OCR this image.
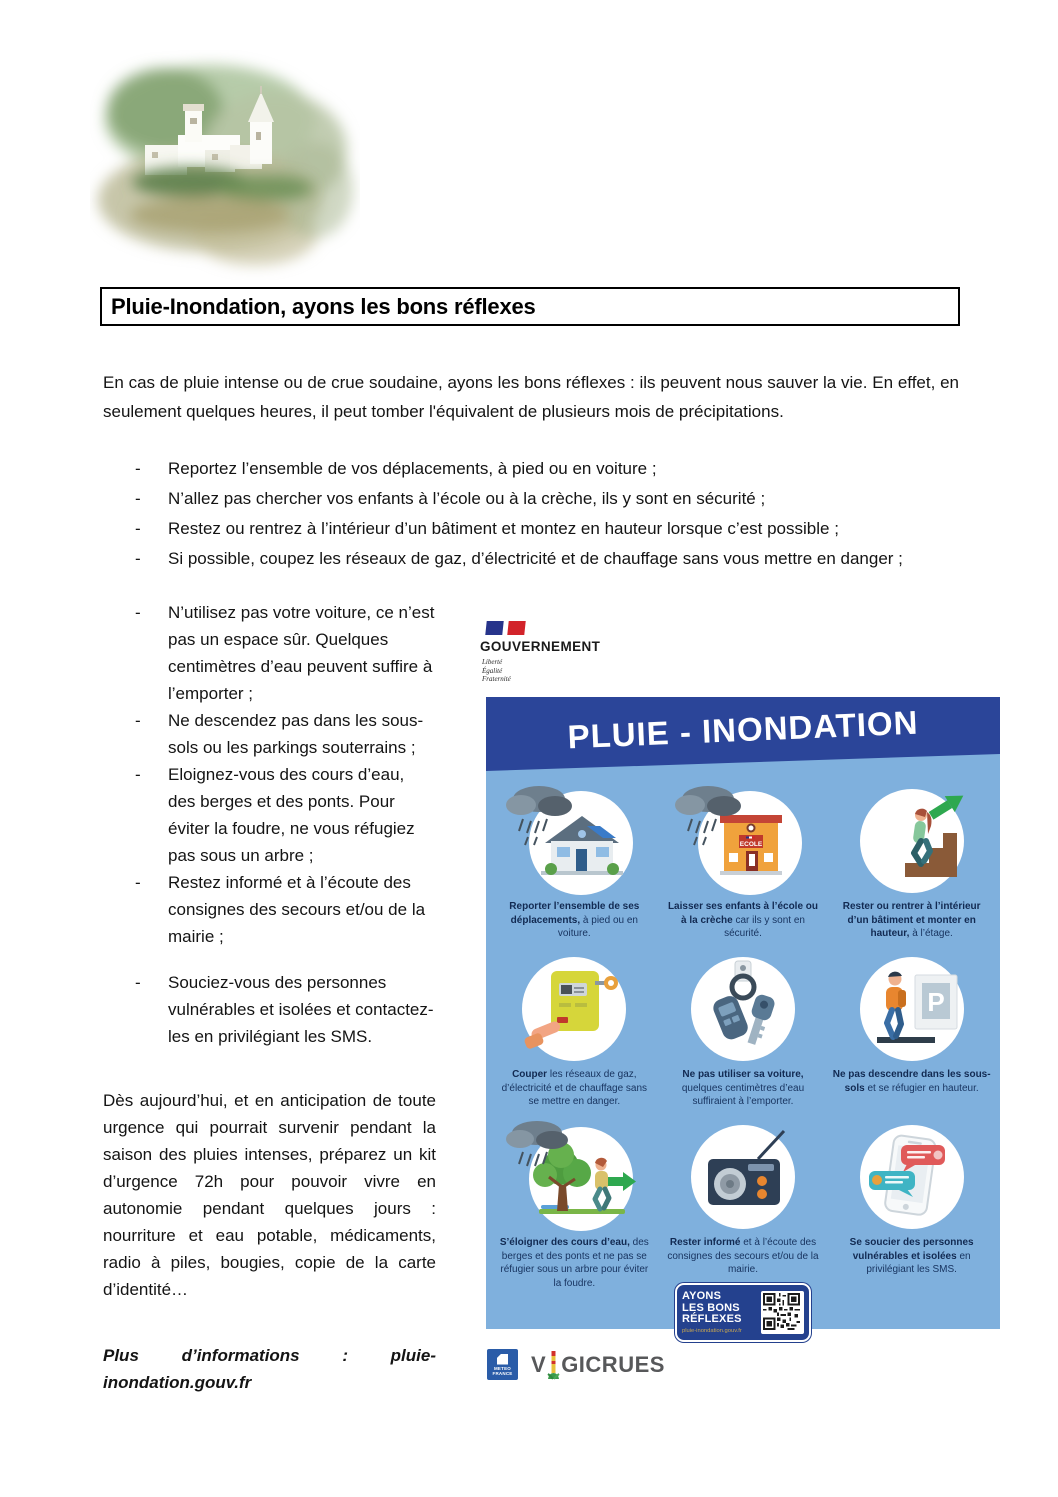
Pluie-Inondation, ayons les bons réflexes

En cas de pluie intense ou de crue soudaine, ayons les bons réflexes : ils peuvent nous sauver la vie. En effet, en seulement quelques heures, il peut tomber l'équivalent de plusieurs mois de précipitations.

- Reportez l’ensemble de vos déplacements, à pied ou en voiture ;
- N’allez pas chercher vos enfants à l’école ou à la crèche, ils y sont en sécurité ;
- Restez ou rentrez à l’intérieur d’un bâtiment et montez en hauteur lorsque c’est possible ;
- Si possible, coupez les réseaux de gaz, d’électricité et de chauffage sans vous mettre en danger ;
- N’utilisez pas votre voiture, ce n’est pas un espace sûr. Quelques centimètres d’eau peuvent suffire à l’emporter ;
- Ne descendez pas dans les sous-sols ou les parkings souterrains ;
- Eloignez-vous des cours d’eau, des berges et des ponts. Pour éviter la foudre, ne vous réfugiez pas sous un arbre ;
- Restez informé et à l’écoute des consignes des secours et/ou de la mairie ;
- Souciez-vous des personnes vulnérables et isolées et contactez-les en privilégiant les SMS.

Dès aujourd’hui, et en anticipation de toute urgence qui pourrait survenir pendant la saison des pluies intenses, préparez un kit d’urgence 72h pour pouvoir vivre en autonomie pendant quelques jours : nourriture et eau potable, médicaments, radio à piles, bougies, copie de la carte d’identité…

Plus d’informations : pluie-
inondation.gouv.fr

GOUVERNEMENT
Liberté
Égalité
Fraternité
PLUIE - INONDATION
Reporter l’ensemble de ses déplacements, à pied ou en voiture.
ECOLE
Laisser ses enfants à l’école ou à la crèche car ils y sont en sécurité.
Rester ou rentrer à l’intérieur d’un bâtiment et monter en hauteur, à l’étage.
Couper les réseaux de gaz, d’électricité et de chauffage sans se mettre en danger.
Ne pas utiliser sa voiture, quelques centimètres d’eau suffiraient à l’emporter.
P
Ne pas descendre dans les sous-sols et se réfugier en hauteur.
S’éloigner des cours d’eau, des berges et des ponts et ne pas se réfugier sous un arbre pour éviter la foudre.
Rester informé et à l’écoute des consignes des secours et/ou de la mairie.
Se soucier des personnes vulnérables et isolées en privilégiant les SMS.
AYONS
LES BONS
RÉFLEXES
pluie-inondation.gouv.fr
METEO
FRANCE V GICRUES
